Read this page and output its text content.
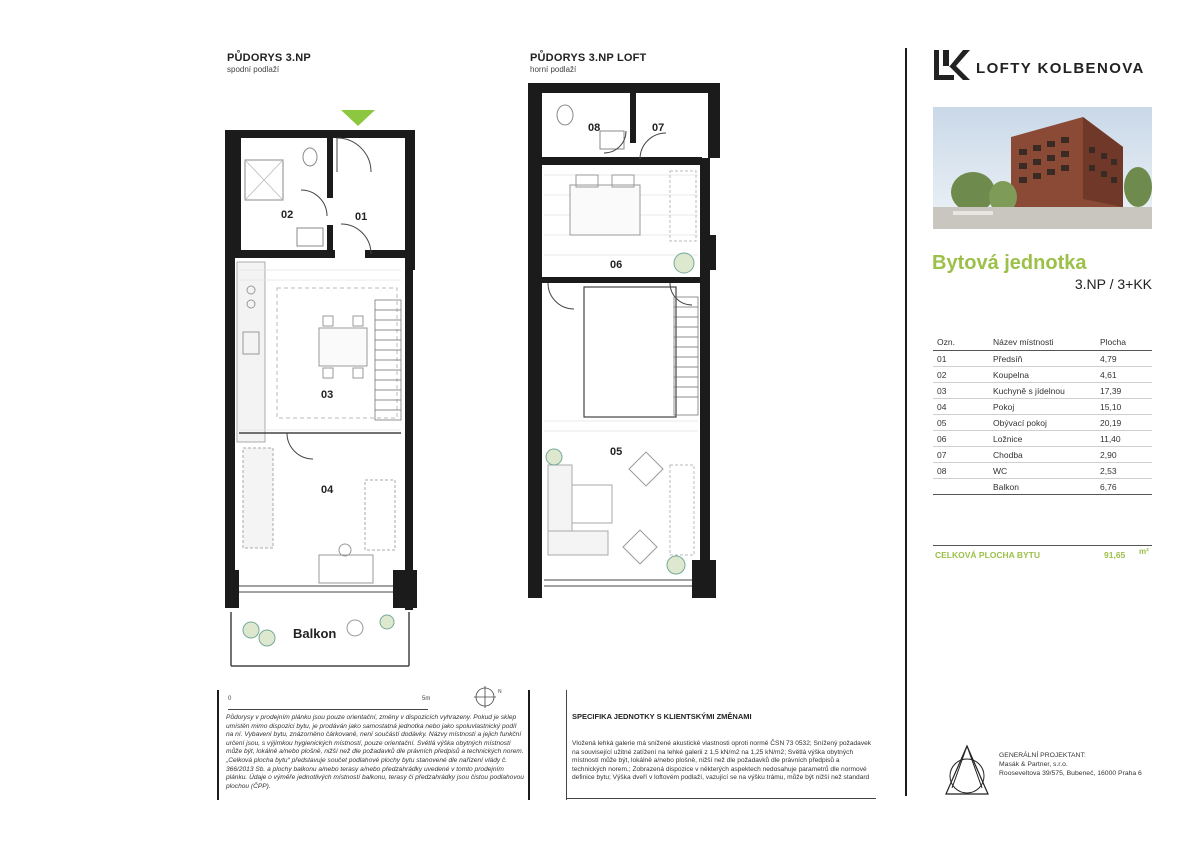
PŮDORYS 3.NP
spodní podlaží
PŮDORYS 3.NP LOFT
horní podlaží
01
02
03
04
Balkon
08	07
06
05
0	5m
N
Půdorysy v prodejním plánku jsou pouze orientační, změny v dispozicích vyhrazeny. Pokud je sklep umístěn mimo dispozici bytu, je prodáván jako samostatná jednotka nebo jako spoluvlastnický podíl na ní. Vybavení bytu, znázorněno čárkovaně, není součástí dodávky. Názvy místností a jejich funkční určení jsou, s výjimkou hygienických místností, pouze orientační. Světlá výška obytných místností může být, lokálně a/nebo plošně, nižší než dle požadavků dle právních předpisů a technických norem. „Celková plocha bytu“ představuje součet podlahové plochy bytu stanovené dle nařízení vlády č. 366/2013 Sb. a plochy balkonu a/nebo terasy a/nebo předzahrádky uvedené v tomto prodejním plánku. Údaje o výměře jednotlivých místností balkonu, terasy či předzahrádky jsou čistou podlahovou plochou (ČPP).
SPECIFIKA JEDNOTKY S KLIENTSKÝMI ZMĚNAMI
Vložená lehká galerie má snížené akustické vlastnosti oproti normě ČSN 73 0532; Snížený požadavek na související užitné zatížení na lehké galerii z 1,5 kN/m2 na 1,25 kN/m2; Světlá výška obytných místností může být, lokálně a/nebo plošně, nižší než dle požadavků dle právních předpisů a technických norem.; Zobrazená dispozice v některých aspektech nedosahuje parametrů dle normové definice bytu; Výška dveří v loftovém podlaží, vazující se na výšku trámu, může být nižší než standard
LOFTY KOLBENOVA
Bytová jednotka
3.NP / 3+KK
Ozn.	Název místnosti	Plocha
01	Předsíň	4,79
02	Koupelna	4,61
03	Kuchyně s jídelnou	17,39
04	Pokoj	15,10
05	Obývací pokoj	20,19
06	Ložnice	11,40
07	Chodba	2,90
08	WC	2,53
	Balkon	6,76
CELKOVÁ PLOCHA BYTU	91,65 m²
GENERÁLNÍ PROJEKTANT:
Masák & Partner, s.r.o.
Rooseveltova 39/575, Bubeneč, 16000 Praha 6
